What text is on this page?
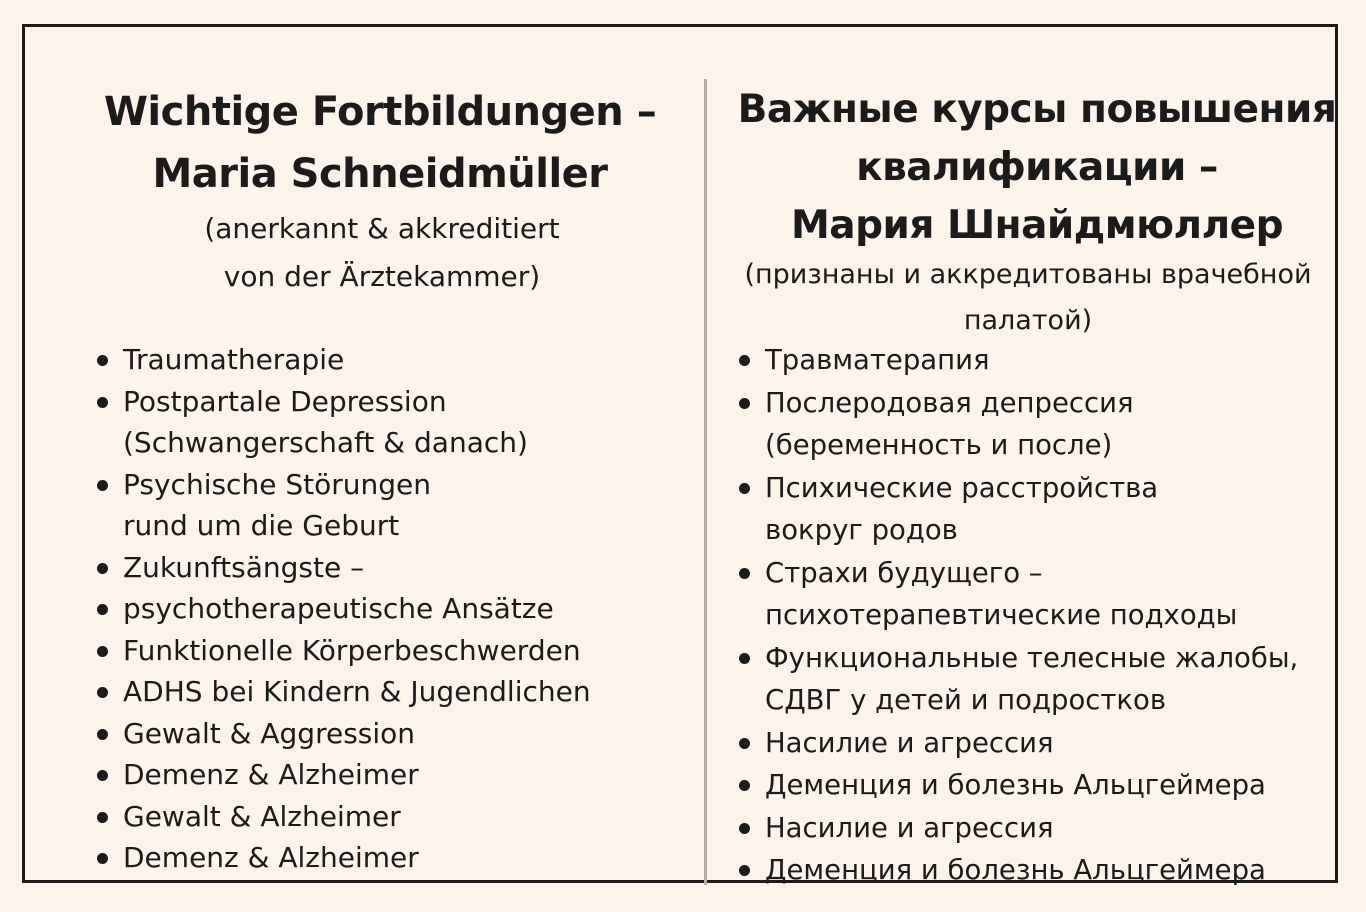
Wichtige Fortbildungen –
Maria Schneidmüller
(anerkannt & akkreditiert
von der Ärztekammer)
Traumatherapie
Postpartale Depression
(Schwangerschaft & danach)
Psychische Störungen
rund um die Geburt
Zukunftsängste –
psychotherapeutische Ansätze
Funktionelle Körperbeschwerden
ADHS bei Kindern & Jugendlichen
Gewalt & Aggression
Demenz & Alzheimer
Gewalt & Alzheimer
Demenz & Alzheimer
Важные курсы повышения
квалификации –
Мария Шнайдмюллер
(признаны и аккредитованы врачебной
палатой)
Травматерапия
Послеродовая депрессия
(беременность и после)
Психические расстройства
вокруг родов
Страхи будущего –
психотерапевтические подходы
Функциональные телесные жалобы,
СДВГ у детей и подростков
Насилие и агрессия
Деменция и болезнь Альцгеймера
Насилие и агрессия
Деменция и болезнь Альцгеймера
